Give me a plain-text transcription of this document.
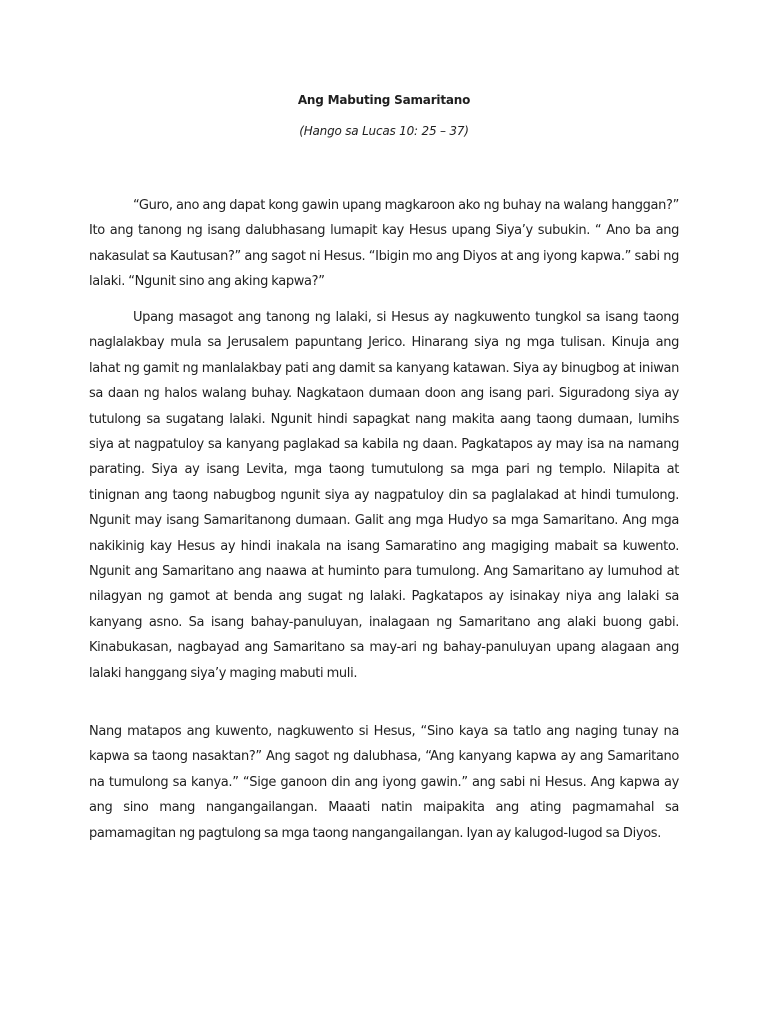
Ang Mabuting Samaritano
(Hango sa Lucas 10: 25 – 37)

“Guro, ano ang dapat kong gawin upang magkaroon ako ng buhay na walang hanggan?” Ito ang tanong ng isang dalubhasang lumapit kay Hesus upang Siya’y subukin. “ Ano ba ang nakasulat sa Kautusan?” ang sagot ni Hesus. “Ibigin mo ang Diyos at ang iyong kapwa.” sabi ng lalaki. “Ngunit sino ang aking kapwa?”

Upang masagot ang tanong ng lalaki, si Hesus ay nagkuwento tungkol sa isang taong naglalakbay mula sa Jerusalem papuntang Jerico. Hinarang siya ng mga tulisan. Kinuja ang lahat ng gamit ng manlalakbay pati ang damit sa kanyang katawan. Siya ay binugbog at iniwan sa daan ng halos walang buhay. Nagkataon dumaan doon ang isang pari. Siguradong siya ay tutulong sa sugatang lalaki. Ngunit hindi sapagkat nang makita aang taong dumaan, lumihs siya at nagpatuloy sa kanyang paglakad sa kabila ng daan. Pagkatapos ay may isa na namang parating. Siya ay isang Levita, mga taong tumutulong sa mga pari ng templo. Nilapita at tinignan ang taong nabugbog ngunit siya ay nagpatuloy din sa paglalakad at hindi tumulong. Ngunit may isang Samaritanong dumaan. Galit ang mga Hudyo sa mga Samaritano. Ang mga nakikinig kay Hesus ay hindi inakala na isang Samaratino ang magiging mabait sa kuwento. Ngunit ang Samaritano ang naawa at huminto para tumulong. Ang Samaritano ay lumuhod at nilagyan ng gamot at benda ang sugat ng lalaki. Pagkatapos ay isinakay niya ang lalaki sa kanyang asno. Sa isang bahay-panuluyan, inalagaan ng Samaritano ang alaki buong gabi. Kinabukasan, nagbayad ang Samaritano sa may-ari ng bahay-panuluyan upang alagaan ang lalaki hanggang siya’y maging mabuti muli.

Nang matapos ang kuwento, nagkuwento si Hesus, “Sino kaya sa tatlo ang naging tunay na kapwa sa taong nasaktan?” Ang sagot ng dalubhasa, “Ang kanyang kapwa ay ang Samaritano na tumulong sa kanya.” “Sige ganoon din ang iyong gawin.” ang sabi ni Hesus. Ang kapwa ay ang sino mang nangangailangan. Maaati natin maipakita ang ating pagmamahal sa pamamagitan ng pagtulong sa mga taong nangangailangan. Iyan ay kalugod-lugod sa Diyos.
